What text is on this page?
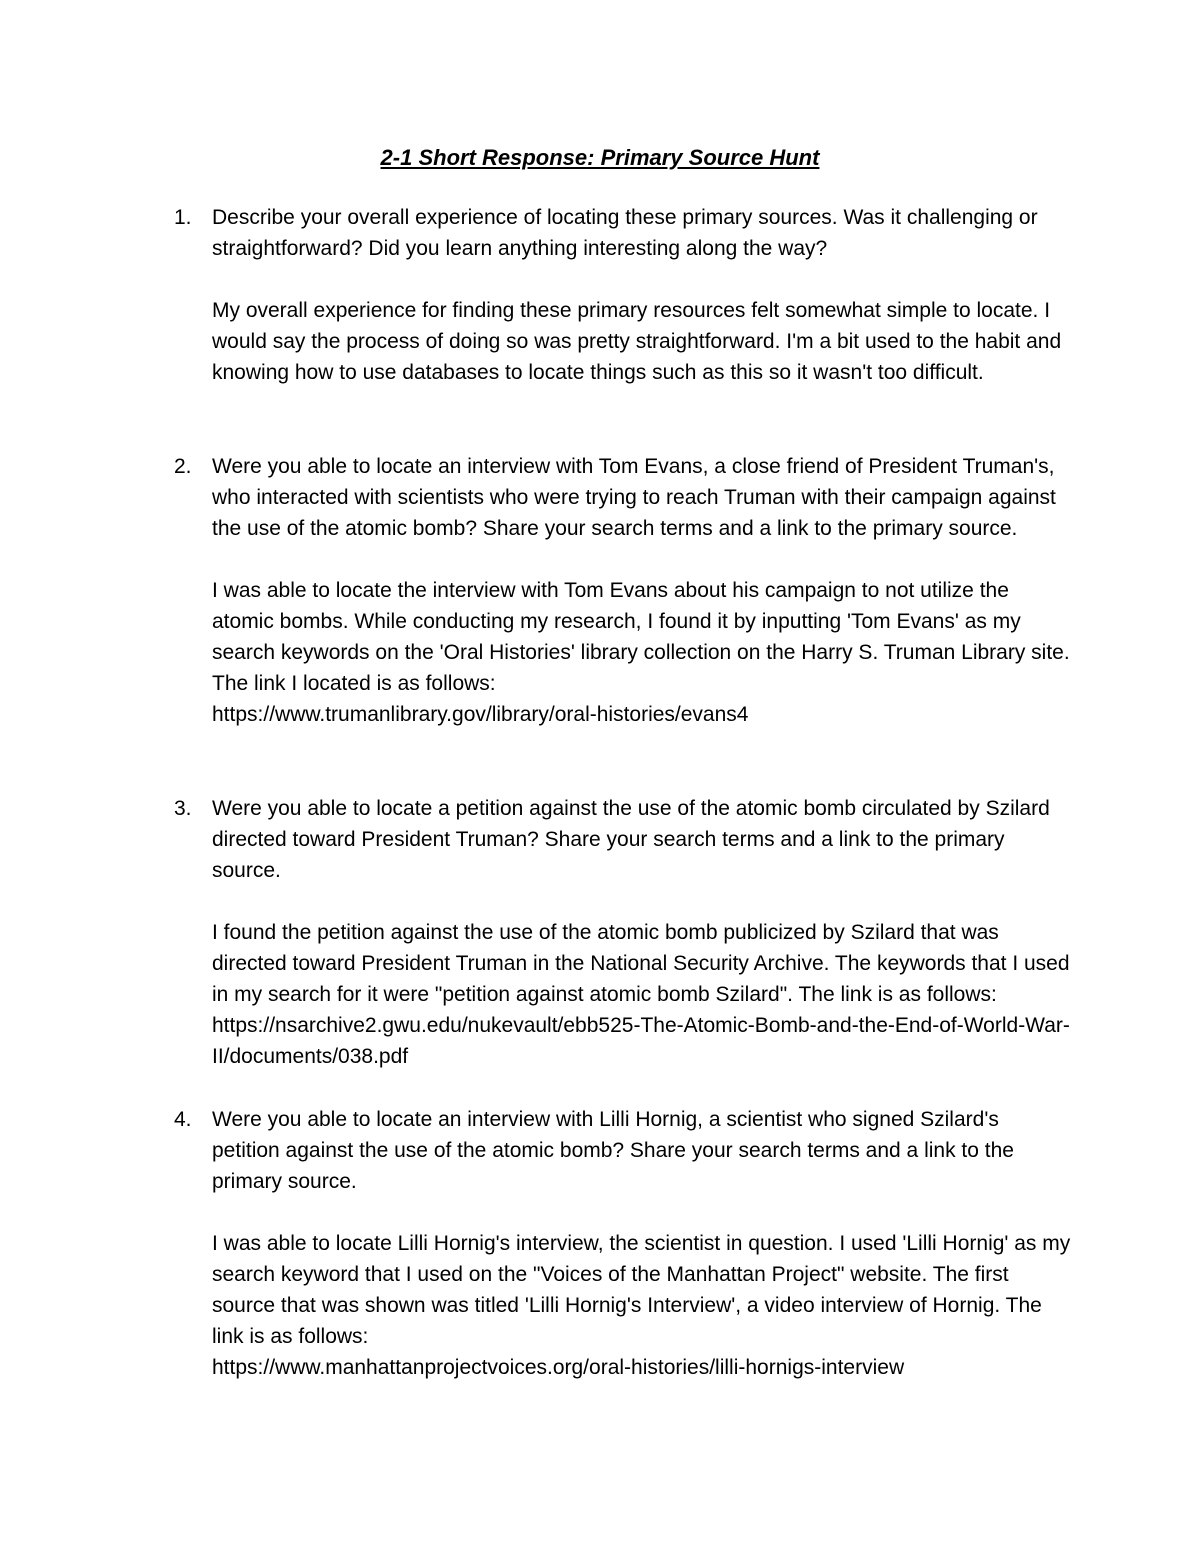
2-1 Short Response: Primary Source Hunt
1. Describe your overall experience of locating these primary sources. Was it challenging or straightforward? Did you learn anything interesting along the way?

My overall experience for finding these primary resources felt somewhat simple to locate. I would say the process of doing so was pretty straightforward. I'm a bit used to the habit and knowing how to use databases to locate things such as this so it wasn't too difficult.

2. Were you able to locate an interview with Tom Evans, a close friend of President Truman's, who interacted with scientists who were trying to reach Truman with their campaign against the use of the atomic bomb? Share your search terms and a link to the primary source.

I was able to locate the interview with Tom Evans about his campaign to not utilize the atomic bombs. While conducting my research, I found it by inputting 'Tom Evans' as my search keywords on the 'Oral Histories' library collection on the Harry S. Truman Library site. The link I located is as follows:
https://www.trumanlibrary.gov/library/oral-histories/evans4
3. Were you able to locate a petition against the use of the atomic bomb circulated by Szilard directed toward President Truman? Share your search terms and a link to the primary source.

I found the petition against the use of the atomic bomb publicized by Szilard that was directed toward President Truman in the National Security Archive. The keywords that I used in my search for it were "petition against atomic bomb Szilard". The link is as follows: https://nsarchive2.gwu.edu/nukevault/ebb525-The-Atomic-Bomb-and-the-End-of-World-War-II/documents/038.pdf

4. Were you able to locate an interview with Lilli Hornig, a scientist who signed Szilard's petition against the use of the atomic bomb? Share your search terms and a link to the primary source.

I was able to locate Lilli Hornig's interview, the scientist in question. I used 'Lilli Hornig' as my search keyword that I used on the "Voices of the Manhattan Project" website. The first source that was shown was titled 'Lilli Hornig's Interview', a video interview of Hornig. The link is as follows:
https://www.manhattanprojectvoices.org/oral-histories/lilli-hornigs-interview
